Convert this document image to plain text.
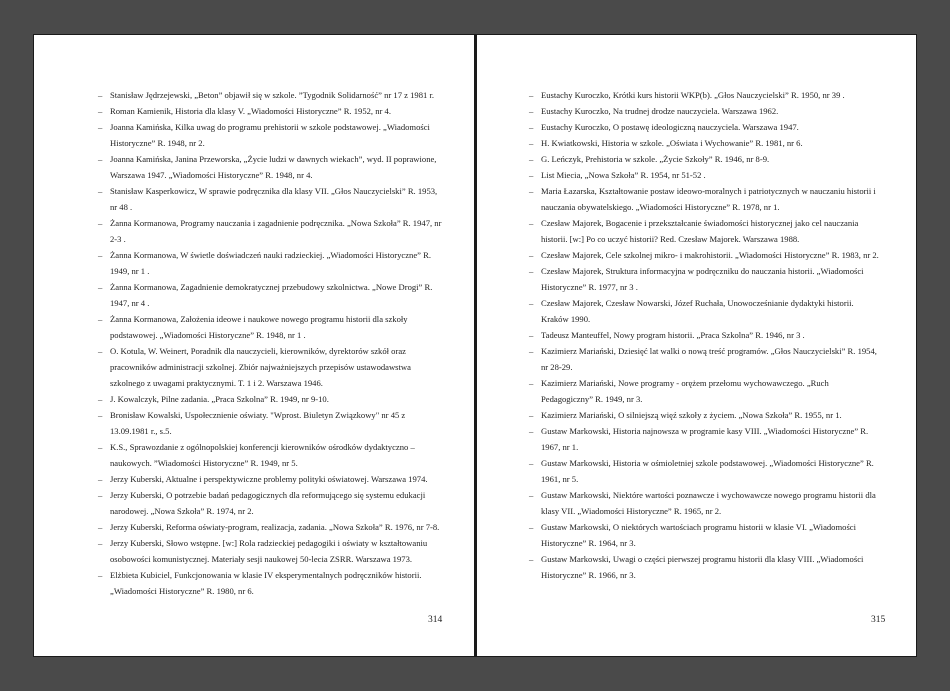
– Stanisław Jędrzejewski, „Beton” objawił się w szkole. ”Tygodnik Solidarność” nr 17 z 1981 r.
– Roman Kamienik, Historia dla klasy V. „Wiadomości Historyczne” R. 1952, nr 4.
– Joanna Kamińska, Kilka uwag do programu prehistorii w szkole podstawowej. „Wiadomości Historyczne” R. 1948, nr 2.
– Joanna Kamińska, Janina Przeworska, „Życie ludzi w dawnych wiekach”, wyd. II poprawione, Warszawa 1947. „Wiadomości Historyczne” R. 1948, nr 4.
– Stanisław Kasperkowicz, W sprawie podręcznika dla klasy VII. „Głos Nauczycielski” R. 1953, nr 48 .
– Żanna Kormanowa, Programy nauczania i zagadnienie podręcznika. „Nowa Szkoła” R. 1947, nr 2-3 .
– Żanna Kormanowa, W świetle doświadczeń nauki radzieckiej. „Wiadomości Historyczne” R. 1949, nr 1 .
– Żanna Kormanowa, Zagadnienie demokratycznej przebudowy szkolnictwa. „Nowe Drogi” R. 1947, nr 4 .
– Żanna Kormanowa, Założenia ideowe i naukowe nowego programu historii dla szkoły podstawowej. „Wiadomości Historyczne” R. 1948, nr 1 .
– O. Kotula, W. Weinert, Poradnik dla nauczycieli, kierowników, dyrektorów szkół oraz pracowników administracji szkolnej. Zbiór najważniejszych przepisów ustawodawstwa szkolnego z uwagami praktycznymi. T. 1 i 2. Warszawa 1946.
– J. Kowalczyk, Pilne zadania. „Praca Szkolna” R. 1949, nr 9-10.
– Bronisław Kowalski, Uspołecznienie oświaty. "Wprost. Biuletyn Związkowy" nr 45 z 13.09.1981 r., s.5.
– K.S., Sprawozdanie z ogólnopolskiej konferencji kierowników ośrodków dydaktyczno – naukowych. ”Wiadomości Historyczne” R. 1949, nr 5.
– Jerzy Kuberski, Aktualne i perspektywiczne problemy polityki oświatowej. Warszawa 1974.
– Jerzy Kuberski, O potrzebie badań pedagogicznych dla reformującego się systemu edukacji narodowej. „Nowa Szkoła” R. 1974, nr 2.
– Jerzy Kuberski, Reforma oświaty-program, realizacja, zadania. „Nowa Szkoła” R. 1976, nr 7-8.
– Jerzy Kuberski, Słowo wstępne. [w:] Rola radzieckiej pedagogiki i oświaty w kształtowaniu osobowości komunistycznej. Materiały sesji naukowej 50-lecia ZSRR. Warszawa 1973.
– Elżbieta Kubiciel, Funkcjonowania w klasie IV eksperymentalnych podręczników historii. „Wiadomości Historyczne” R. 1980, nr 6.
314
– Eustachy Kuroczko, Krótki kurs historii WKP(b). „Głos Nauczycielski” R. 1950, nr 39 .
– Eustachy Kuroczko, Na trudnej drodze nauczyciela. Warszawa 1962.
– Eustachy Kuroczko, O postawę ideologiczną nauczyciela. Warszawa 1947.
– H. Kwiatkowski, Historia w szkole. „Oświata i Wychowanie” R. 1981, nr 6.
– G. Leńczyk, Prehistoria w szkole. „Życie Szkoły” R. 1946, nr 8-9.
– List Miecia, „Nowa Szkoła” R. 1954, nr 51-52 .
– Maria Łazarska, Kształtowanie postaw ideowo-moralnych i patriotycznych w nauczaniu historii i nauczania obywatelskiego. „Wiadomości Historyczne” R. 1978, nr 1.
– Czesław Majorek, Bogacenie i przekształcanie świadomości historycznej jako cel nauczania historii. [w:] Po co uczyć historii? Red. Czesław Majorek. Warszawa 1988.
– Czesław Majorek, Cele szkolnej mikro- i makrohistorii. „Wiadomości Historyczne” R. 1983, nr 2.
– Czesław Majorek, Struktura informacyjna w podręczniku do nauczania historii. „Wiadomości Historyczne” R. 1977, nr 3 .
– Czesław Majorek, Czesław Nowarski, Józef Ruchała, Unowocześnianie dydaktyki historii. Kraków 1990.
– Tadeusz Manteuffel, Nowy program historii. „Praca Szkolna” R. 1946, nr 3 .
– Kazimierz Mariański, Dziesięć lat walki o nową treść programów. „Głos Nauczycielski” R. 1954, nr 28-29.
– Kazimierz Mariański, Nowe programy - orężem przełomu wychowawczego. „Ruch Pedagogiczny” R. 1949, nr 3.
– Kazimierz Mariański, O silniejszą więź szkoły z życiem. „Nowa Szkoła” R. 1955, nr 1.
– Gustaw Markowski, Historia najnowsza w programie kasy VIII. „Wiadomości Historyczne” R. 1967, nr 1.
– Gustaw Markowski, Historia w ośmioletniej szkole podstawowej. „Wiadomości Historyczne” R. 1961, nr 5.
– Gustaw Markowski, Niektóre wartości poznawcze i wychowawcze nowego programu historii dla klasy VII. „Wiadomości Historyczne” R. 1965, nr 2.
– Gustaw Markowski, O niektórych wartościach programu historii w klasie VI. „Wiadomości Historyczne” R. 1964, nr 3.
– Gustaw Markowski, Uwagi o części pierwszej programu historii dla klasy VIII. „Wiadomości Historyczne” R. 1966, nr 3.
315
